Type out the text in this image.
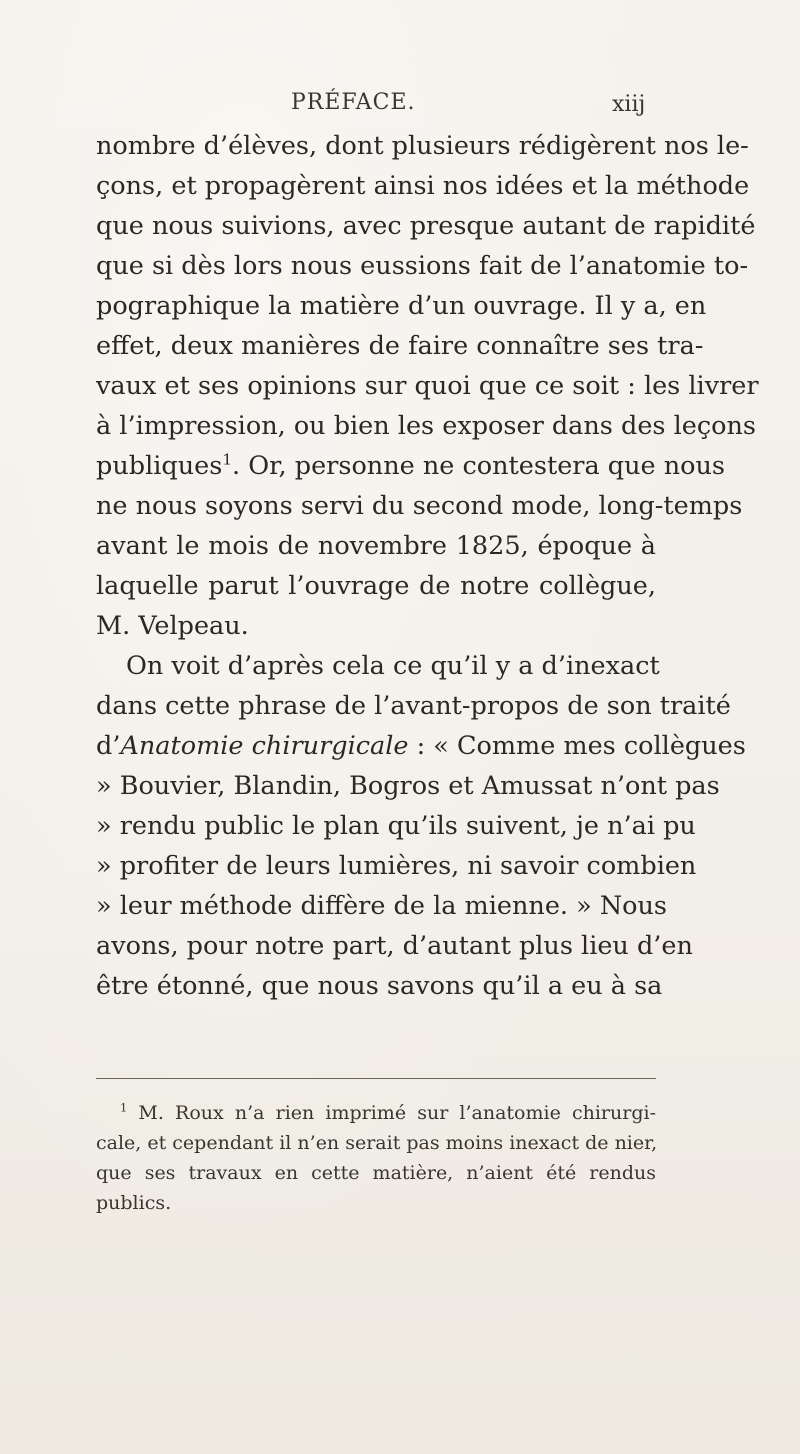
PRÉFACE.	xiij
nombre d’élèves, dont plusieurs rédigèrent nos le-
çons, et propagèrent ainsi nos idées et la méthode
que nous suivions, avec presque autant de rapidité
que si dès lors nous eussions fait de l’anatomie to-
pographique la matière d’un ouvrage. Il y a, en
effet, deux manières de faire connaître ses tra-
vaux et ses opinions sur quoi que ce soit : les livrer
à l’impression, ou bien les exposer dans des leçons
publiques$^1$. Or, personne ne contestera que nous
ne nous soyons servi du second mode, long-temps
avant le mois de novembre 1825, époque à
laquelle parut l’ouvrage de notre collègue,
M. Velpeau.
On voit d’après cela ce qu’il y a d’inexact
dans cette phrase de l’avant-propos de son traité
d’Anatomie chirurgicale : « Comme mes collègues
» Bouvier, Blandin, Bogros et Amussat n’ont pas
» rendu public le plan qu’ils suivent, je n’ai pu
» profiter de leurs lumières, ni savoir combien
» leur méthode diffère de la mienne. » Nous
avons, pour notre part, d’autant plus lieu d’en
être étonné, que nous savons qu’il a eu à sa
$^1$ M. Roux n’a rien imprimé sur l’anatomie chirurgi-
cale, et cependant il n’en serait pas moins inexact de nier,
que ses travaux en cette matière, n’aient été rendus
publics.
